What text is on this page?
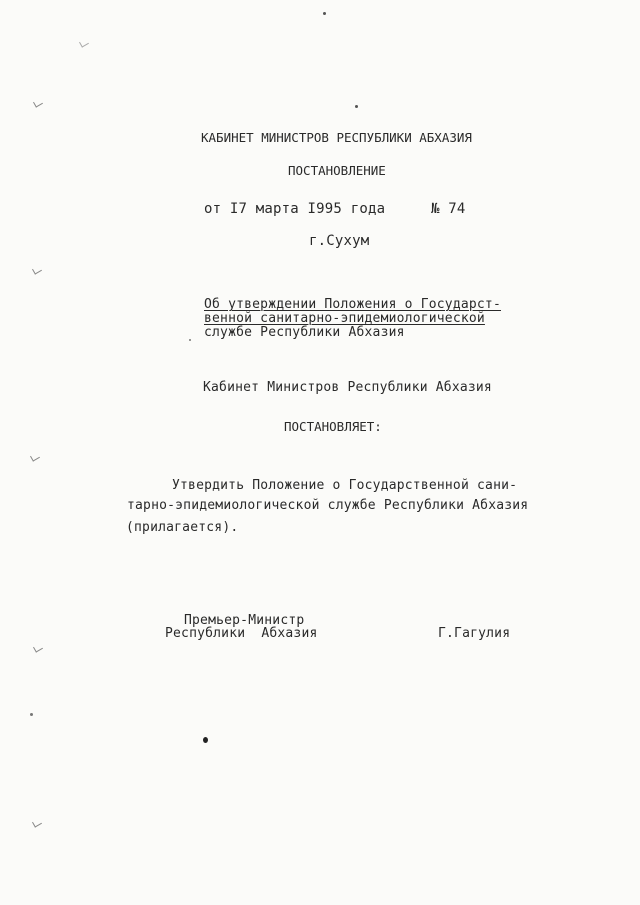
КАБИНЕТ МИНИСТРОВ РЕСПУБЛИКИ АБХАЗИЯ
ПОСТАНОВЛЕНИЕ
от I7 марта I995 года	№ 74
г.Сухум
Об утверждении Положения о Государст-
венной санитарно-эпидемиологической
службе Республики Абхазия
Кабинет Министров Республики Абхазия
ПОСТАНОВЛЯЕТ:
Утвердить Положение о Государственной сани-
тарно-эпидемиологической службе Республики Абхазия
(прилагается).
Премьер-Министр
Республики  Абхазия	Г.Гагулия
